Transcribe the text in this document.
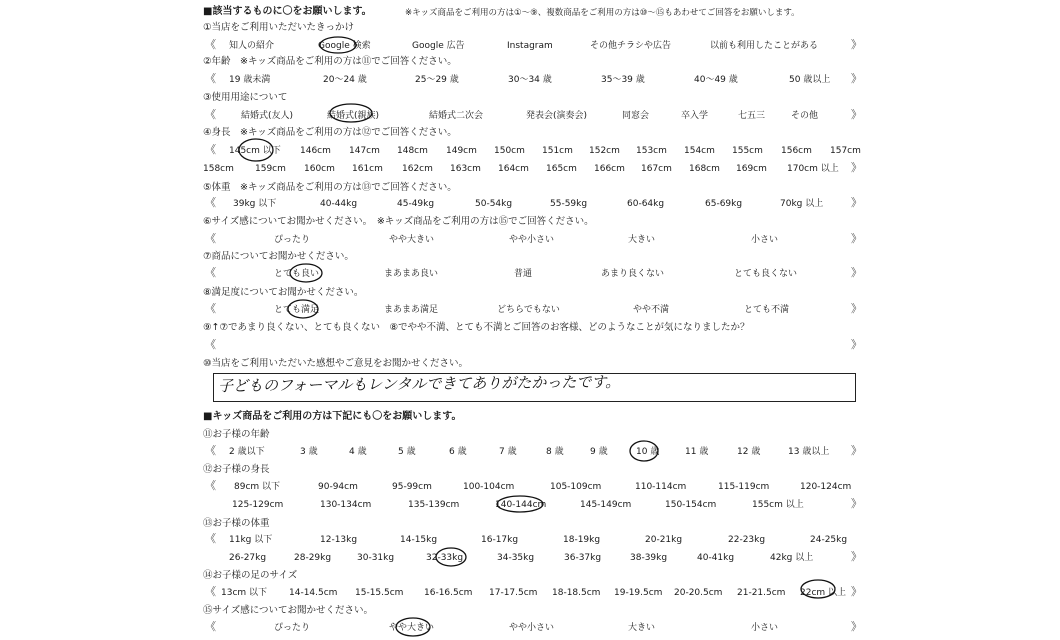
■該当するものに〇をお願いします。	※キッズ商品をご利用の方は①〜⑨、複数商品をご利用の方は⑩〜⑮もあわせてご回答をお願いします。
①当店をご利用いただいたきっかけ
《 知人の紹介	Google 検索	Google 広告	Instagram	その他チラシや広告	以前も利用したことがある	》
②年齢　※キッズ商品をご利用の方は⑪でご回答ください。
《 19 歳未満	20〜24 歳	25〜29 歳	30〜34 歳	35〜39 歳	40〜49 歳	50 歳以上 》
③使用用途について
《	結婚式(友人)	結婚式(親族)	結婚式二次会	発表会(演奏会)	同窓会	卒入学	七五三	その他	》
④身長　※キッズ商品をご利用の方は⑫でご回答ください。
《 145cm 以下 146cm 147cm 148cm 149cm 150cm 151cm 152cm 153cm 154cm 155cm 156cm 157cm
158cm 159cm 160cm 161cm 162cm 163cm 164cm 165cm 166cm 167cm 168cm 169cm 170cm 以上 》
⑤体重　※キッズ商品をご利用の方は⑬でご回答ください。
《 39kg 以下	40-44kg	45-49kg	50-54kg	55-59kg	60-64kg	65-69kg	70kg 以上	》
⑥サイズ感についてお聞かせください。　※キッズ商品をご利用の方は⑮でご回答ください。
《	ぴったり	やや大きい	やや小さい	大きい	小さい	》
⑦商品についてお聞かせください。
《	とても良い	まあまあ良い	普通	あまり良くない	とても良くない	》
⑧満足度についてお聞かせください。
《	とても満足	まあまあ満足	どちらでもない	やや不満	とても不満	》
⑨↑⑦であまり良くない、とても良くない　⑧でやや不満、とても不満とご回答のお客様、どのようなことが気になりましたか？
《	》
⑩当店をご利用いただいた感想やご意見をお聞かせください。
■キッズ商品をご利用の方は下記にも〇をお願いします。
⑪お子様の年齢
《 2 歳以下	3 歳	4 歳	5 歳	6 歳	7 歳	8 歳	9 歳	10 歳	11 歳	12 歳	13 歳以上 》
⑫お子様の身長
《 89cm 以下	90-94cm	95-99cm	100-104cm	105-109cm	110-114cm	115-119cm	120-124cm
125-129cm	130-134cm	135-139cm	140-144cm	145-149cm	150-154cm	155cm 以上	》
⑬お子様の体重
《 11kg 以下	12-13kg	14-15kg	16-17kg	18-19kg	20-21kg	22-23kg	24-25kg
26-27kg	28-29kg	30-31kg	32-33kg	34-35kg	36-37kg	38-39kg	40-41kg	42kg 以上	》
⑭お子様の足のサイズ
《 13cm 以下 14-14.5cm 15-15.5cm 16-16.5cm 17-17.5cm 18-18.5cm 19-19.5cm 20-20.5cm 21-21.5cm 22cm 以上 》
⑮サイズ感についてお聞かせください。
《	ぴったり	やや大きい	やや小さい	大きい	小さい	》
子どものフォーマルもレンタルできてありがたかったです。
